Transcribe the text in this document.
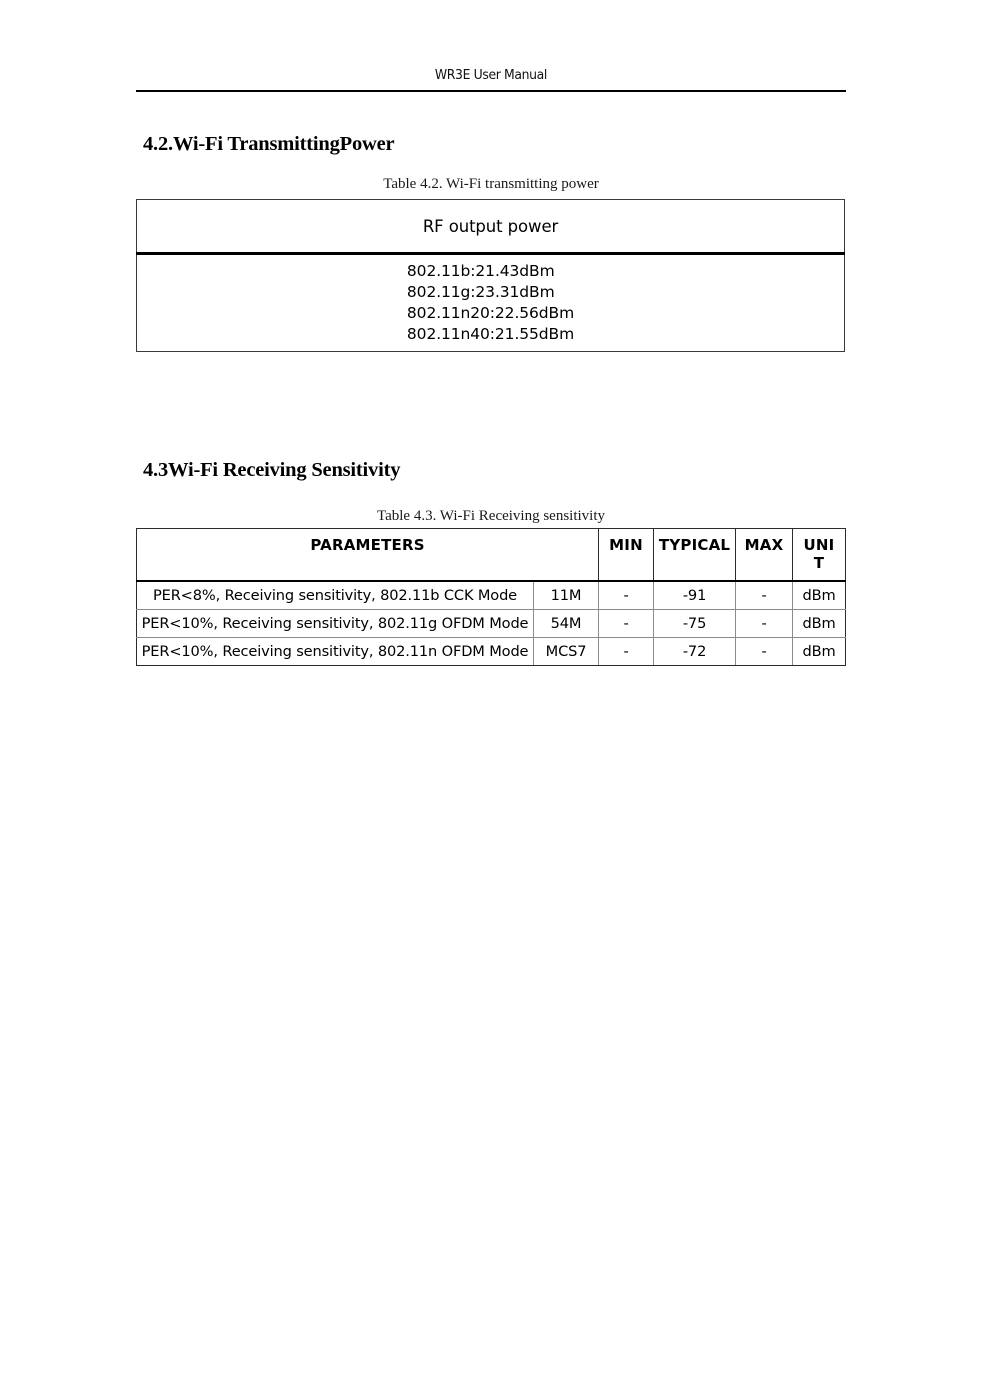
WR3E User Manual
4.2.Wi-Fi TransmittingPower
Table 4.2. Wi-Fi transmitting power
RF output power

802.11b:21.43dBm
802.11g:23.31dBm
802.11n20:22.56dBm
802.11n40:21.55dBm
4.3Wi-Fi Receiving Sensitivity
Table 4.3. Wi-Fi Receiving sensitivity
PARAMETERS		MIN	TYPICAL	MAX	UNI
T
PER<8%, Receiving sensitivity, 802.11b CCK Mode	11M	-	-91	-	dBm
PER<10%, Receiving sensitivity, 802.11g OFDM Mode	54M	-	-75	-	dBm
PER<10%, Receiving sensitivity, 802.11n OFDM Mode	MCS7	-	-72	-	dBm
